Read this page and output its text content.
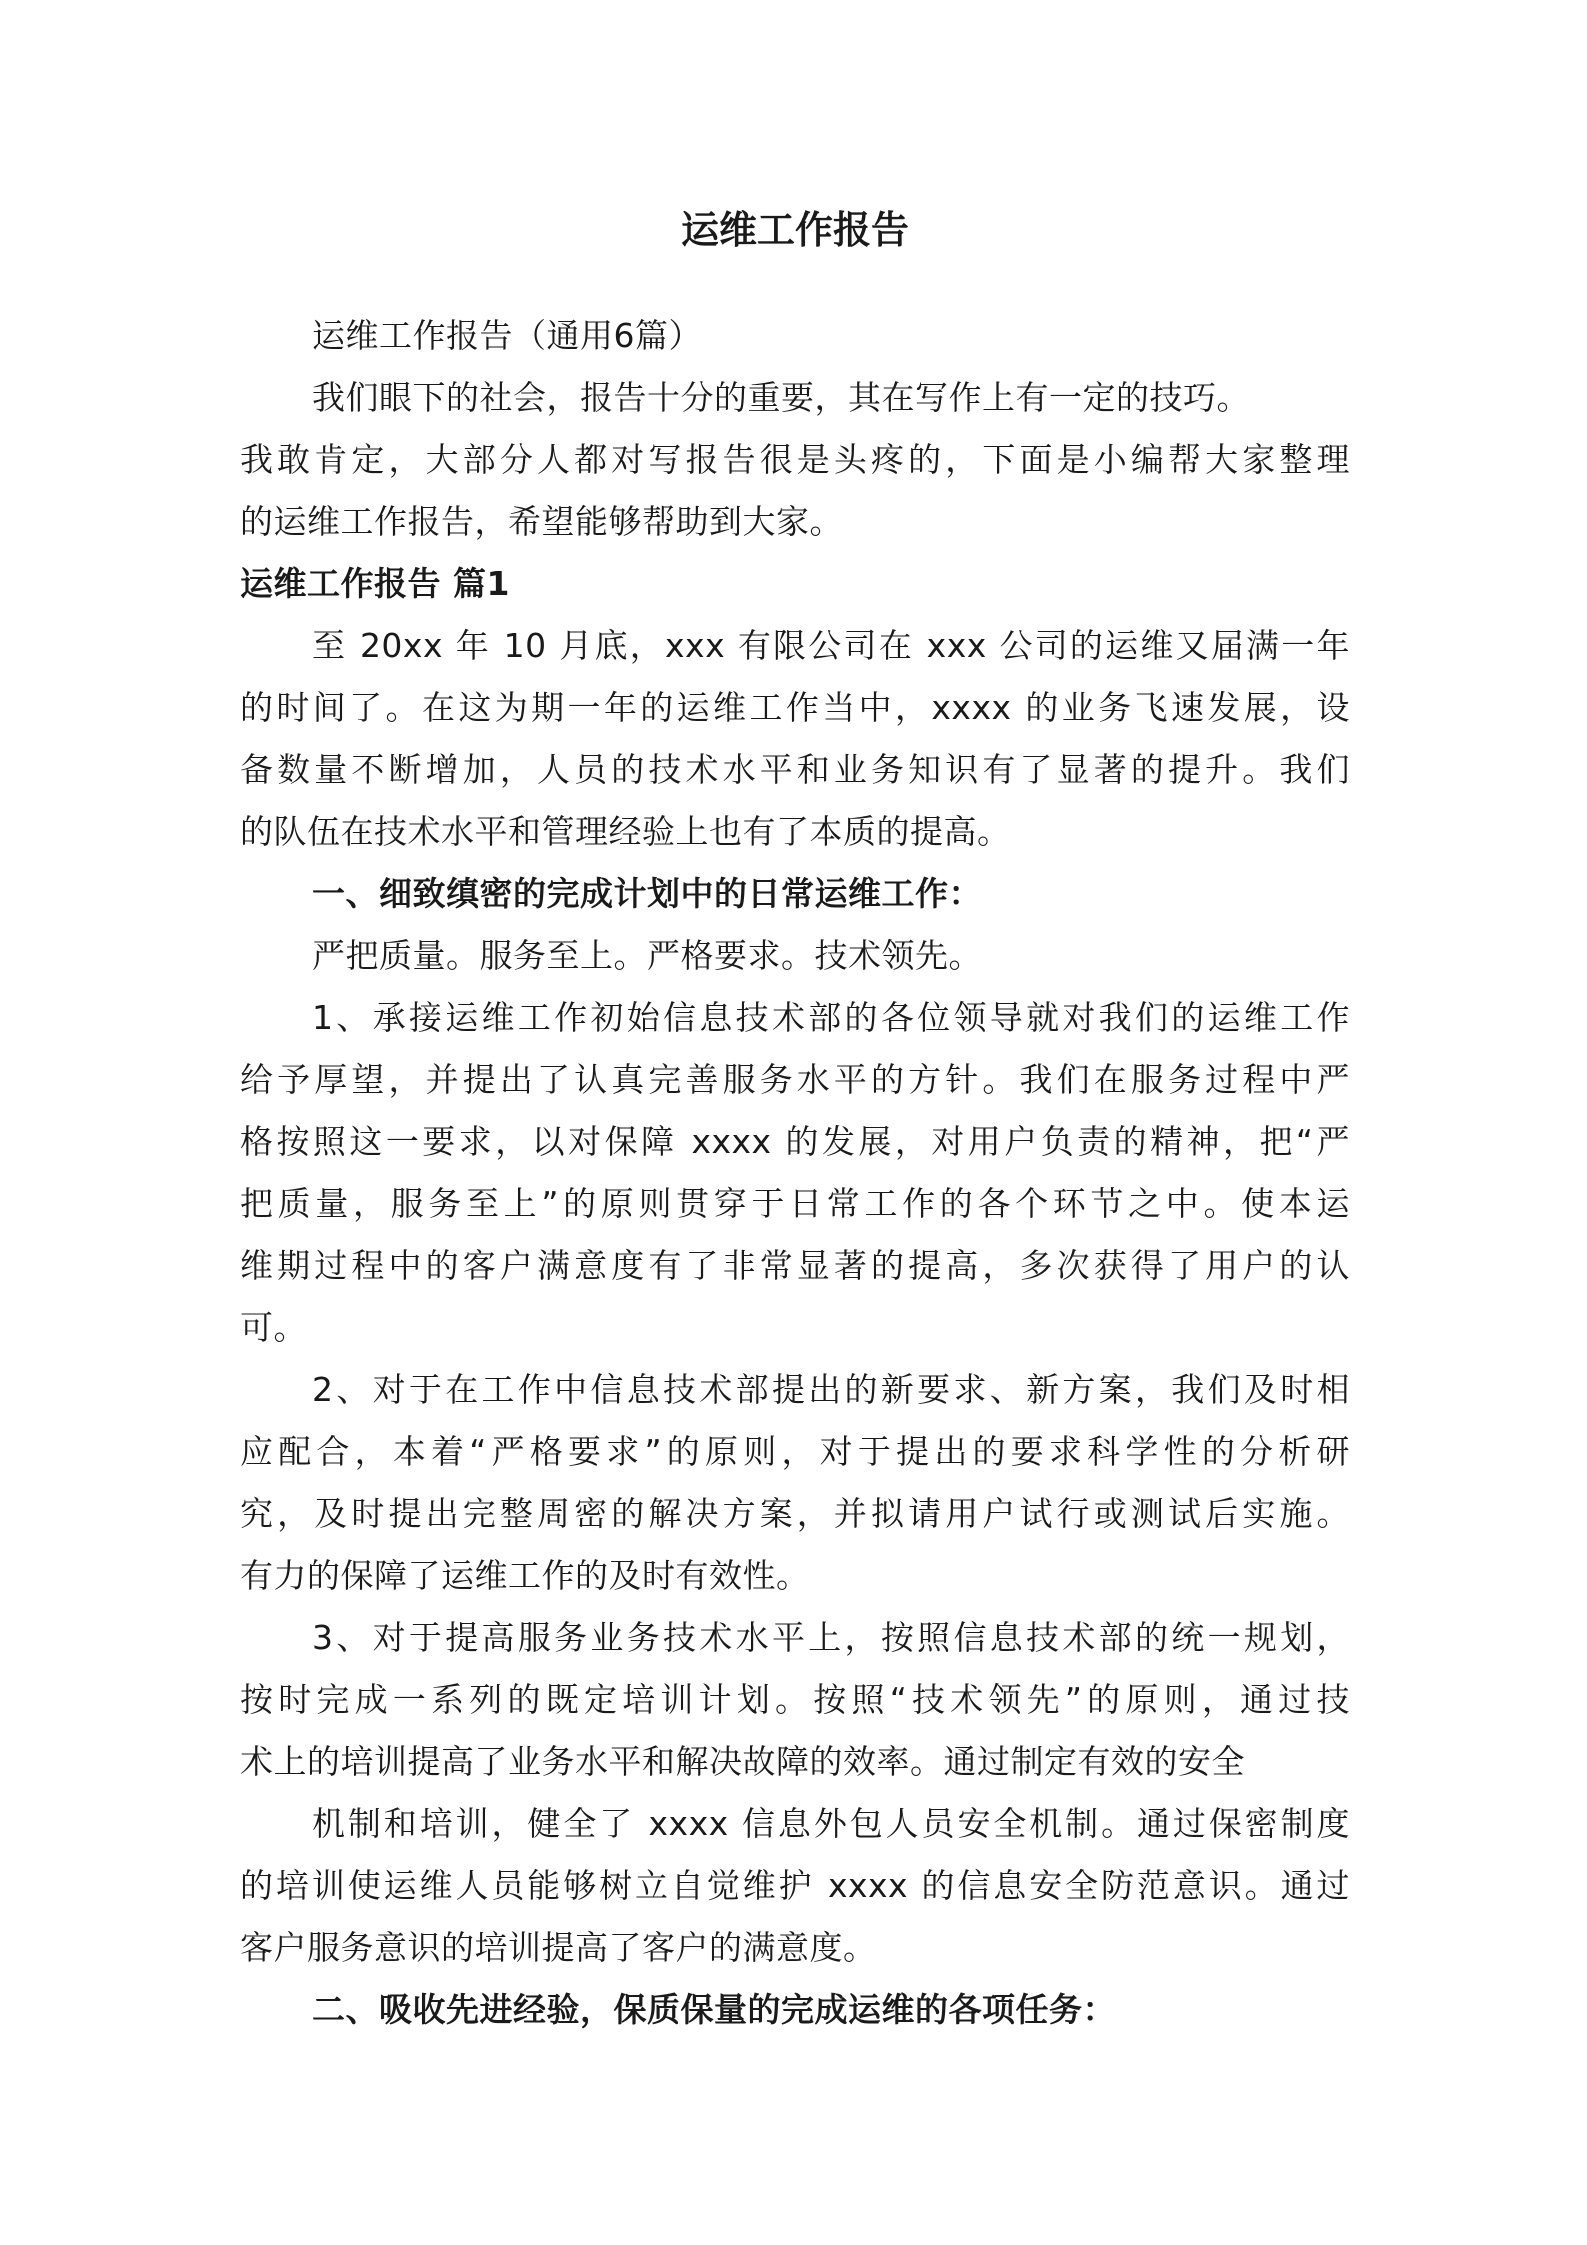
运维工作报告
运维工作报告（通用6篇）
我们眼下的社会，报告十分的重要，其在写作上有一定的技巧。
我敢肯定，大部分人都对写报告很是头疼的，下面是小编帮大家整理
的运维工作报告，希望能够帮助到大家。
运维工作报告 篇1
至 20xx 年 10 月底，xxx 有限公司在 xxx 公司的运维又届满一年
的时间了。在这为期一年的运维工作当中，xxxx 的业务飞速发展，设
备数量不断增加，人员的技术水平和业务知识有了显著的提升。我们
的队伍在技术水平和管理经验上也有了本质的提高。
一、细致缜密的完成计划中的日常运维工作：
严把质量。服务至上。严格要求。技术领先。
1、承接运维工作初始信息技术部的各位领导就对我们的运维工作
给予厚望，并提出了认真完善服务水平的方针。我们在服务过程中严
格按照这一要求，以对保障 xxxx 的发展，对用户负责的精神，把“严
把质量，服务至上”的原则贯穿于日常工作的各个环节之中。使本运
维期过程中的客户满意度有了非常显著的提高，多次获得了用户的认
可。
2、对于在工作中信息技术部提出的新要求、新方案，我们及时相
应配合，本着“严格要求”的原则，对于提出的要求科学性的分析研
究，及时提出完整周密的解决方案，并拟请用户试行或测试后实施。
有力的保障了运维工作的及时有效性。
3、对于提高服务业务技术水平上，按照信息技术部的统一规划，
按时完成一系列的既定培训计划。按照“技术领先”的原则，通过技
术上的培训提高了业务水平和解决故障的效率。通过制定有效的安全
机制和培训，健全了 xxxx 信息外包人员安全机制。通过保密制度
的培训使运维人员能够树立自觉维护 xxxx 的信息安全防范意识。通过
客户服务意识的培训提高了客户的满意度。
二、吸收先进经验，保质保量的完成运维的各项任务：
